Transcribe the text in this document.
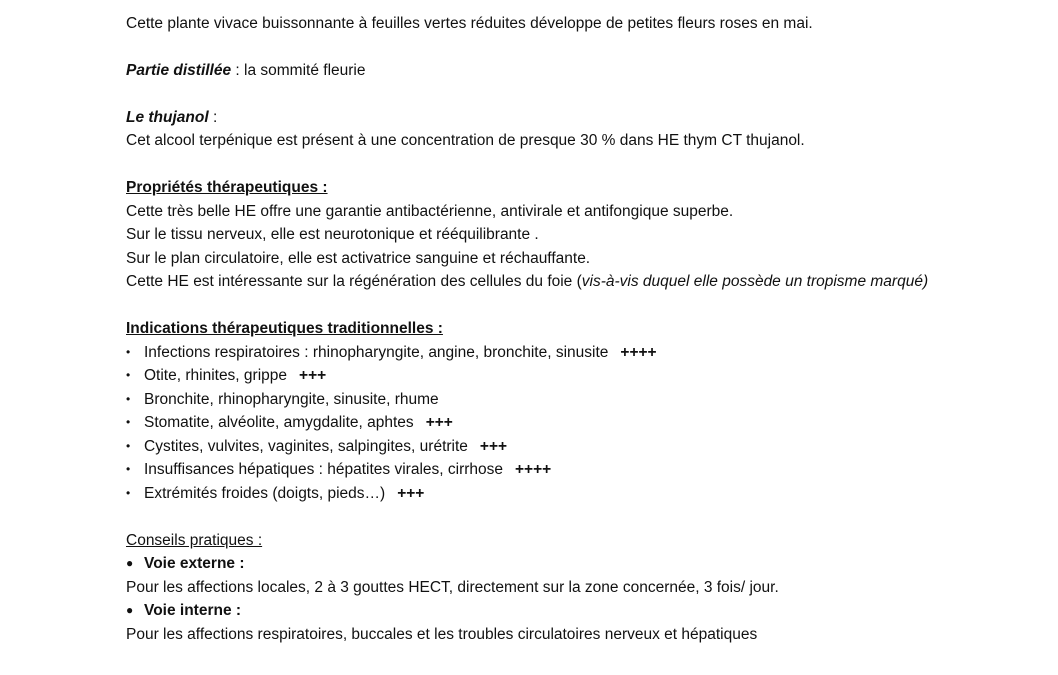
Cette plante vivace buissonnante à feuilles vertes réduites développe de petites fleurs roses en mai.

Partie distillée : la sommité fleurie

Le thujanol :

Cet alcool terpénique est présent à une concentration de presque 30 % dans HE thym CT thujanol.

Propriétés thérapeutiques :

Cette très belle HE offre une garantie antibactérienne, antivirale et antifongique superbe.

Sur le tissu nerveux, elle est neurotonique et rééquilibrante .

Sur le plan circulatoire, elle est activatrice sanguine et réchauffante.

Cette HE est intéressante sur la régénération des cellules du foie (vis-à-vis duquel elle possède un tropisme marqué)

Indications thérapeutiques traditionnelles :

• Infections respiratoires : rhinopharyngite, angine, bronchite, sinusite ++++
• Otite, rhinites, grippe +++
• Bronchite, rhinopharyngite, sinusite, rhume
• Stomatite, alvéolite, amygdalite, aphtes +++
• Cystites, vulvites, vaginites, salpingites, urétrite +++
• Insuffisances hépatiques : hépatites virales, cirrhose ++++
• Extrémités froides (doigts, pieds…) +++

Conseils pratiques :

● Voie externe :

Pour les affections locales, 2 à 3 gouttes HECT, directement sur la zone concernée, 3 fois/ jour.

● Voie interne :

Pour les affections respiratoires, buccales et les troubles circulatoires nerveux et hépatiques
